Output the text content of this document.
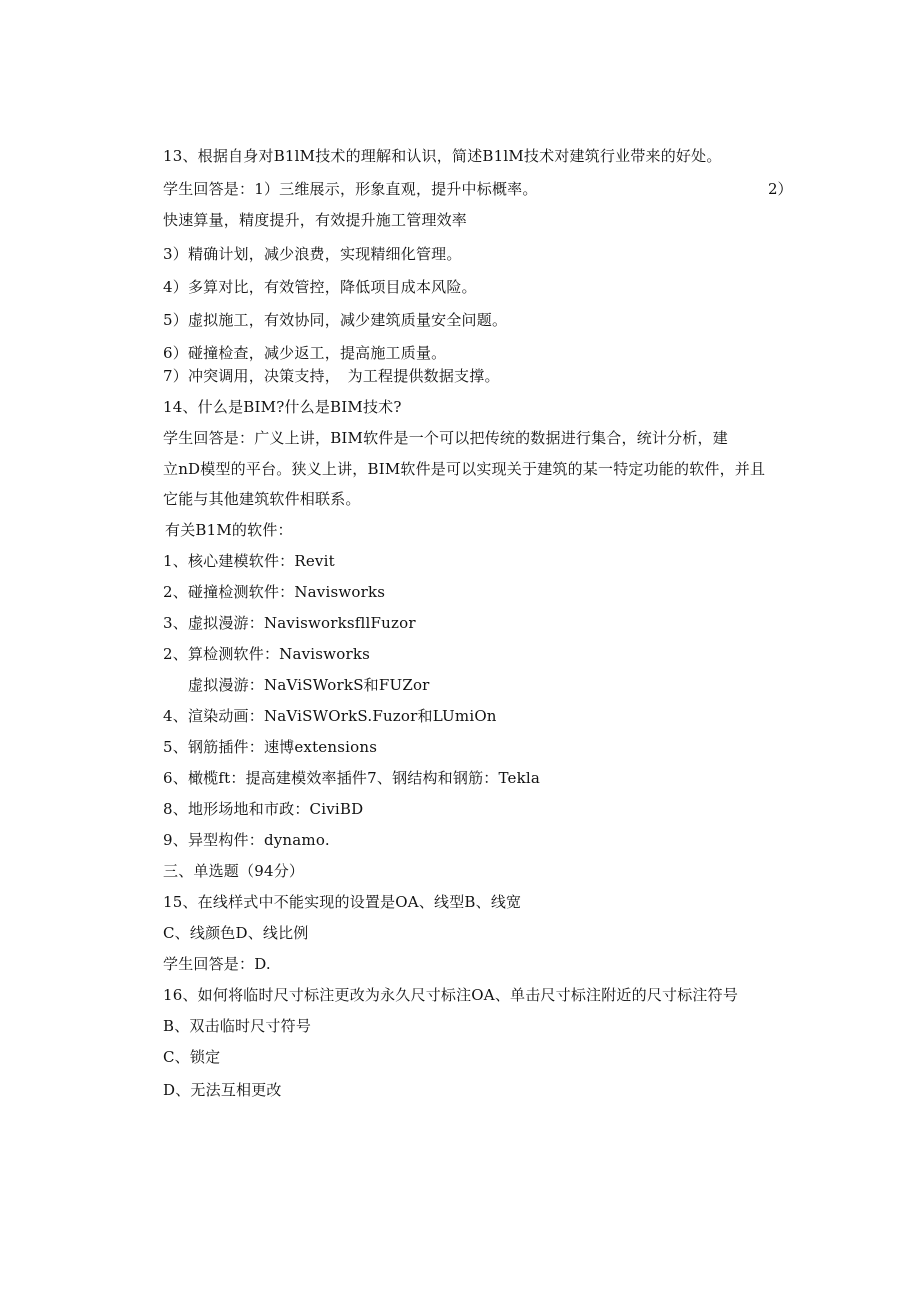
13、根据自身对B1lM技术的理解和认识，简述B1lM技术对建筑行业带来的好处。
学生回答是：1）三维展示，形象直观，提升中标概率。	2）
快速算量，精度提升，有效提升施工管理效率
3）精确计划，减少浪费，实现精细化管理。
4）多算对比，有效管控，降低项目成本风险。
5）虚拟施工，有效协同，减少建筑质量安全问题。
6）碰撞检查，减少返工，提高施工质量。
7）冲突调用，决策支持，　为工程提供数据支撑。
14、什么是BIM?什么是BIM技术?
学生回答是：广义上讲，BIM软件是一个可以把传统的数据进行集合，统计分析，建
立nD模型的平台。狭义上讲，BIM软件是可以实现关于建筑的某一特定功能的软件，并且
它能与其他建筑软件相联系。
有关B1M的软件：
1、核心建模软件：Revit
2、碰撞检测软件：Navisworks
3、虚拟漫游：NavisworksfllFuzor
2、算检测软件：Navisworks
虚拟漫游：NaViSWorkS和FUZor
4、渲染动画：NaViSWOrkS.Fuzor和LUmiOn
5、钢筋插件：速博extensions
6、橄榄ft：提高建模效率插件7、钢结构和钢筋：Tekla
8、地形场地和市政：CiviBD
9、异型构件：dynamo.
三、单选题（94分）
15、在线样式中不能实现的设置是OA、线型B、线宽
C、线颜色D、线比例
学生回答是：D.
16、如何将临时尺寸标注更改为永久尺寸标注OA、单击尺寸标注附近的尺寸标注符号
B、双击临时尺寸符号
C、锁定
D、无法互相更改
